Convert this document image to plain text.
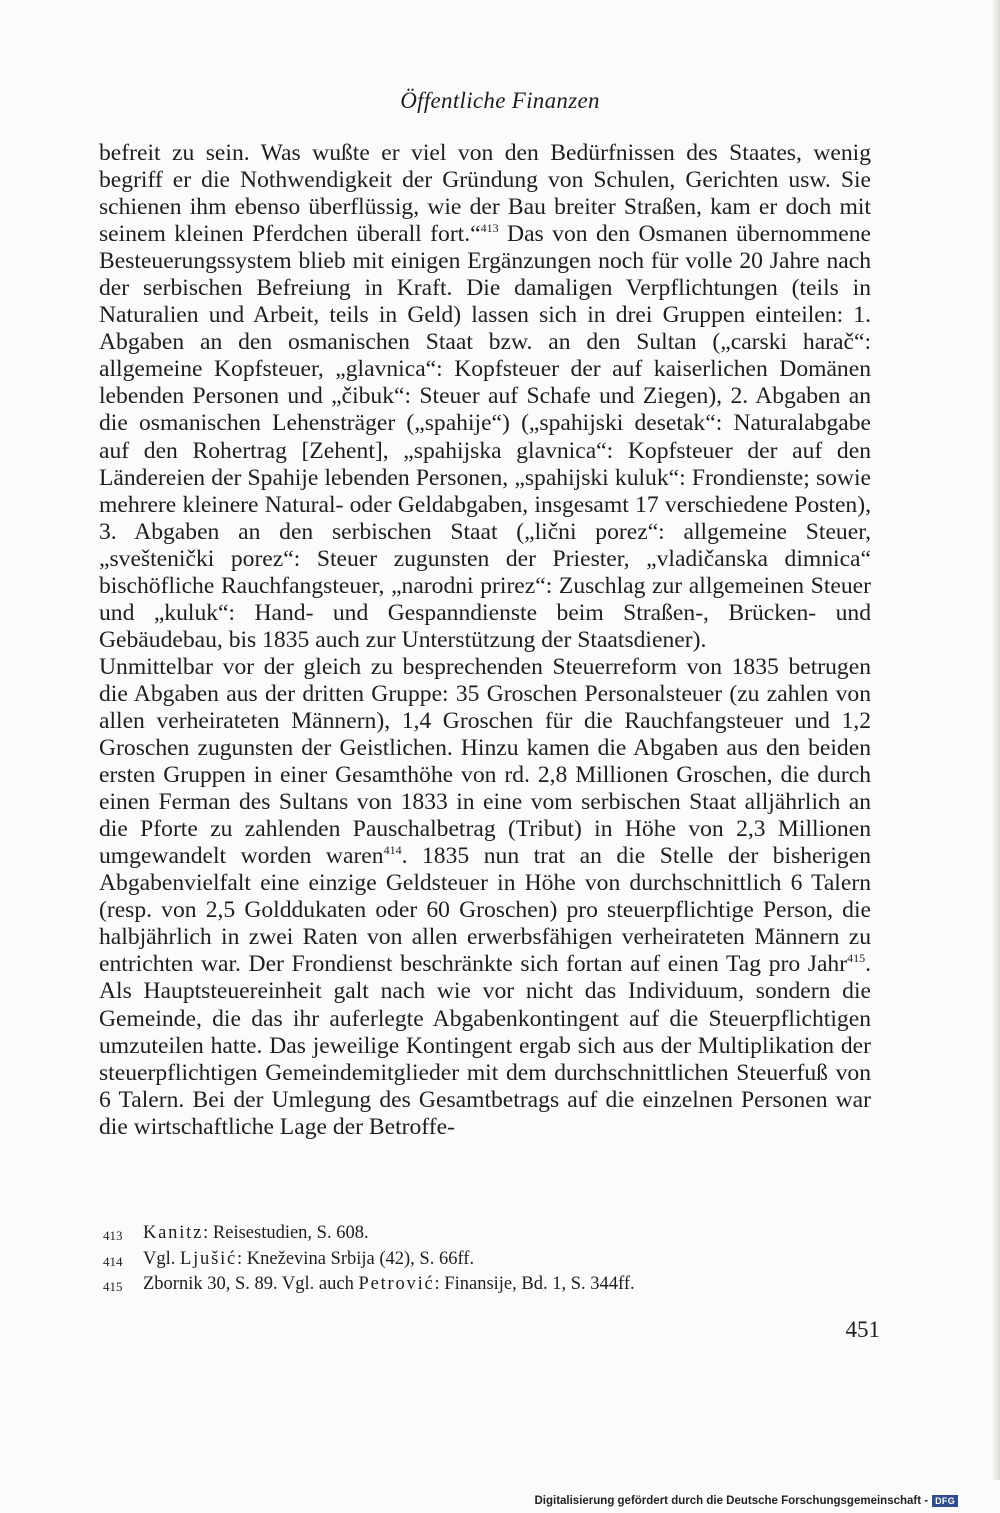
Öffentliche Finanzen

befreit zu sein. Was wußte er viel von den Bedürfnissen des Staates, wenig begriff er die Nothwendigkeit der Gründung von Schulen, Gerichten usw. Sie schienen ihm ebenso überflüssig, wie der Bau breiter Straßen, kam er doch mit seinem kleinen Pferdchen überall fort.“$^{413}$ Das von den Osmanen übernommene Besteuerungssystem blieb mit einigen Ergänzungen noch für volle 20 Jahre nach der serbischen Befreiung in Kraft. Die damaligen Verpflichtungen (teils in Naturalien und Arbeit, teils in Geld) lassen sich in drei Gruppen einteilen: 1. Abgaben an den osmanischen Staat bzw. an den Sultan („carski harač“: allgemeine Kopfsteuer, „glavnica“: Kopfsteuer der auf kaiserlichen Domänen lebenden Personen und „čibuk“: Steuer auf Schafe und Ziegen), 2. Abgaben an die osmanischen Lehensträger („spahije“) („spahijski desetak“: Naturalabgabe auf den Rohertrag [Zehent], „spahijska glavnica“: Kopfsteuer der auf den Ländereien der Spahije lebenden Personen, „spahijski kuluk“: Frondienste; sowie mehrere kleinere Natural- oder Geldabgaben, insgesamt 17 verschiedene Posten), 3. Abgaben an den serbischen Staat („lični porez“: allgemeine Steuer, „sveštenički porez“: Steuer zugunsten der Priester, „vladičanska dimnica“ bischöfliche Rauchfangsteuer, „narodni prirez“: Zuschlag zur allgemeinen Steuer und „kuluk“: Hand- und Gespanndienste beim Straßen-, Brücken- und Gebäudebau, bis 1835 auch zur Unterstützung der Staatsdiener).

Unmittelbar vor der gleich zu besprechenden Steuerreform von 1835 betrugen die Abgaben aus der dritten Gruppe: 35 Groschen Personalsteuer (zu zahlen von allen verheirateten Männern), 1,4 Groschen für die Rauchfangsteuer und 1,2 Groschen zugunsten der Geistlichen. Hinzu kamen die Abgaben aus den beiden ersten Gruppen in einer Gesamthöhe von rd. 2,8 Millionen Groschen, die durch einen Ferman des Sultans von 1833 in eine vom serbischen Staat alljährlich an die Pforte zu zahlenden Pauschalbetrag (Tribut) in Höhe von 2,3 Millionen umgewandelt worden waren$^{414}$. 1835 nun trat an die Stelle der bisherigen Abgabenvielfalt eine einzige Geldsteuer in Höhe von durchschnittlich 6 Talern (resp. von 2,5 Golddukaten oder 60 Groschen) pro steuerpflichtige Person, die halbjährlich in zwei Raten von allen erwerbsfähigen verheirateten Männern zu entrichten war. Der Frondienst beschränkte sich fortan auf einen Tag pro Jahr$^{415}$. Als Hauptsteuereinheit galt nach wie vor nicht das Individuum, sondern die Gemeinde, die das ihr auferlegte Abgabenkontingent auf die Steuerpflichtigen umzuteilen hatte. Das jeweilige Kontingent ergab sich aus der Multiplikation der steuerpflichtigen Gemeindemitglieder mit dem durchschnittlichen Steuerfuß von 6 Talern. Bei der Umlegung des Gesamtbetrags auf die einzelnen Personen war die wirtschaftliche Lage der Betroffe-

413	Kanitz: Reisestudien, S. 608.
414	Vgl. Ljušić: Kneževina Srbija (42), S. 66ff.
415	Zbornik 30, S. 89. Vgl. auch Petrović: Finansije, Bd. 1, S. 344ff.
451
Digitalisierung gefördert durch die Deutsche Forschungsgemeinschaft - DFG
